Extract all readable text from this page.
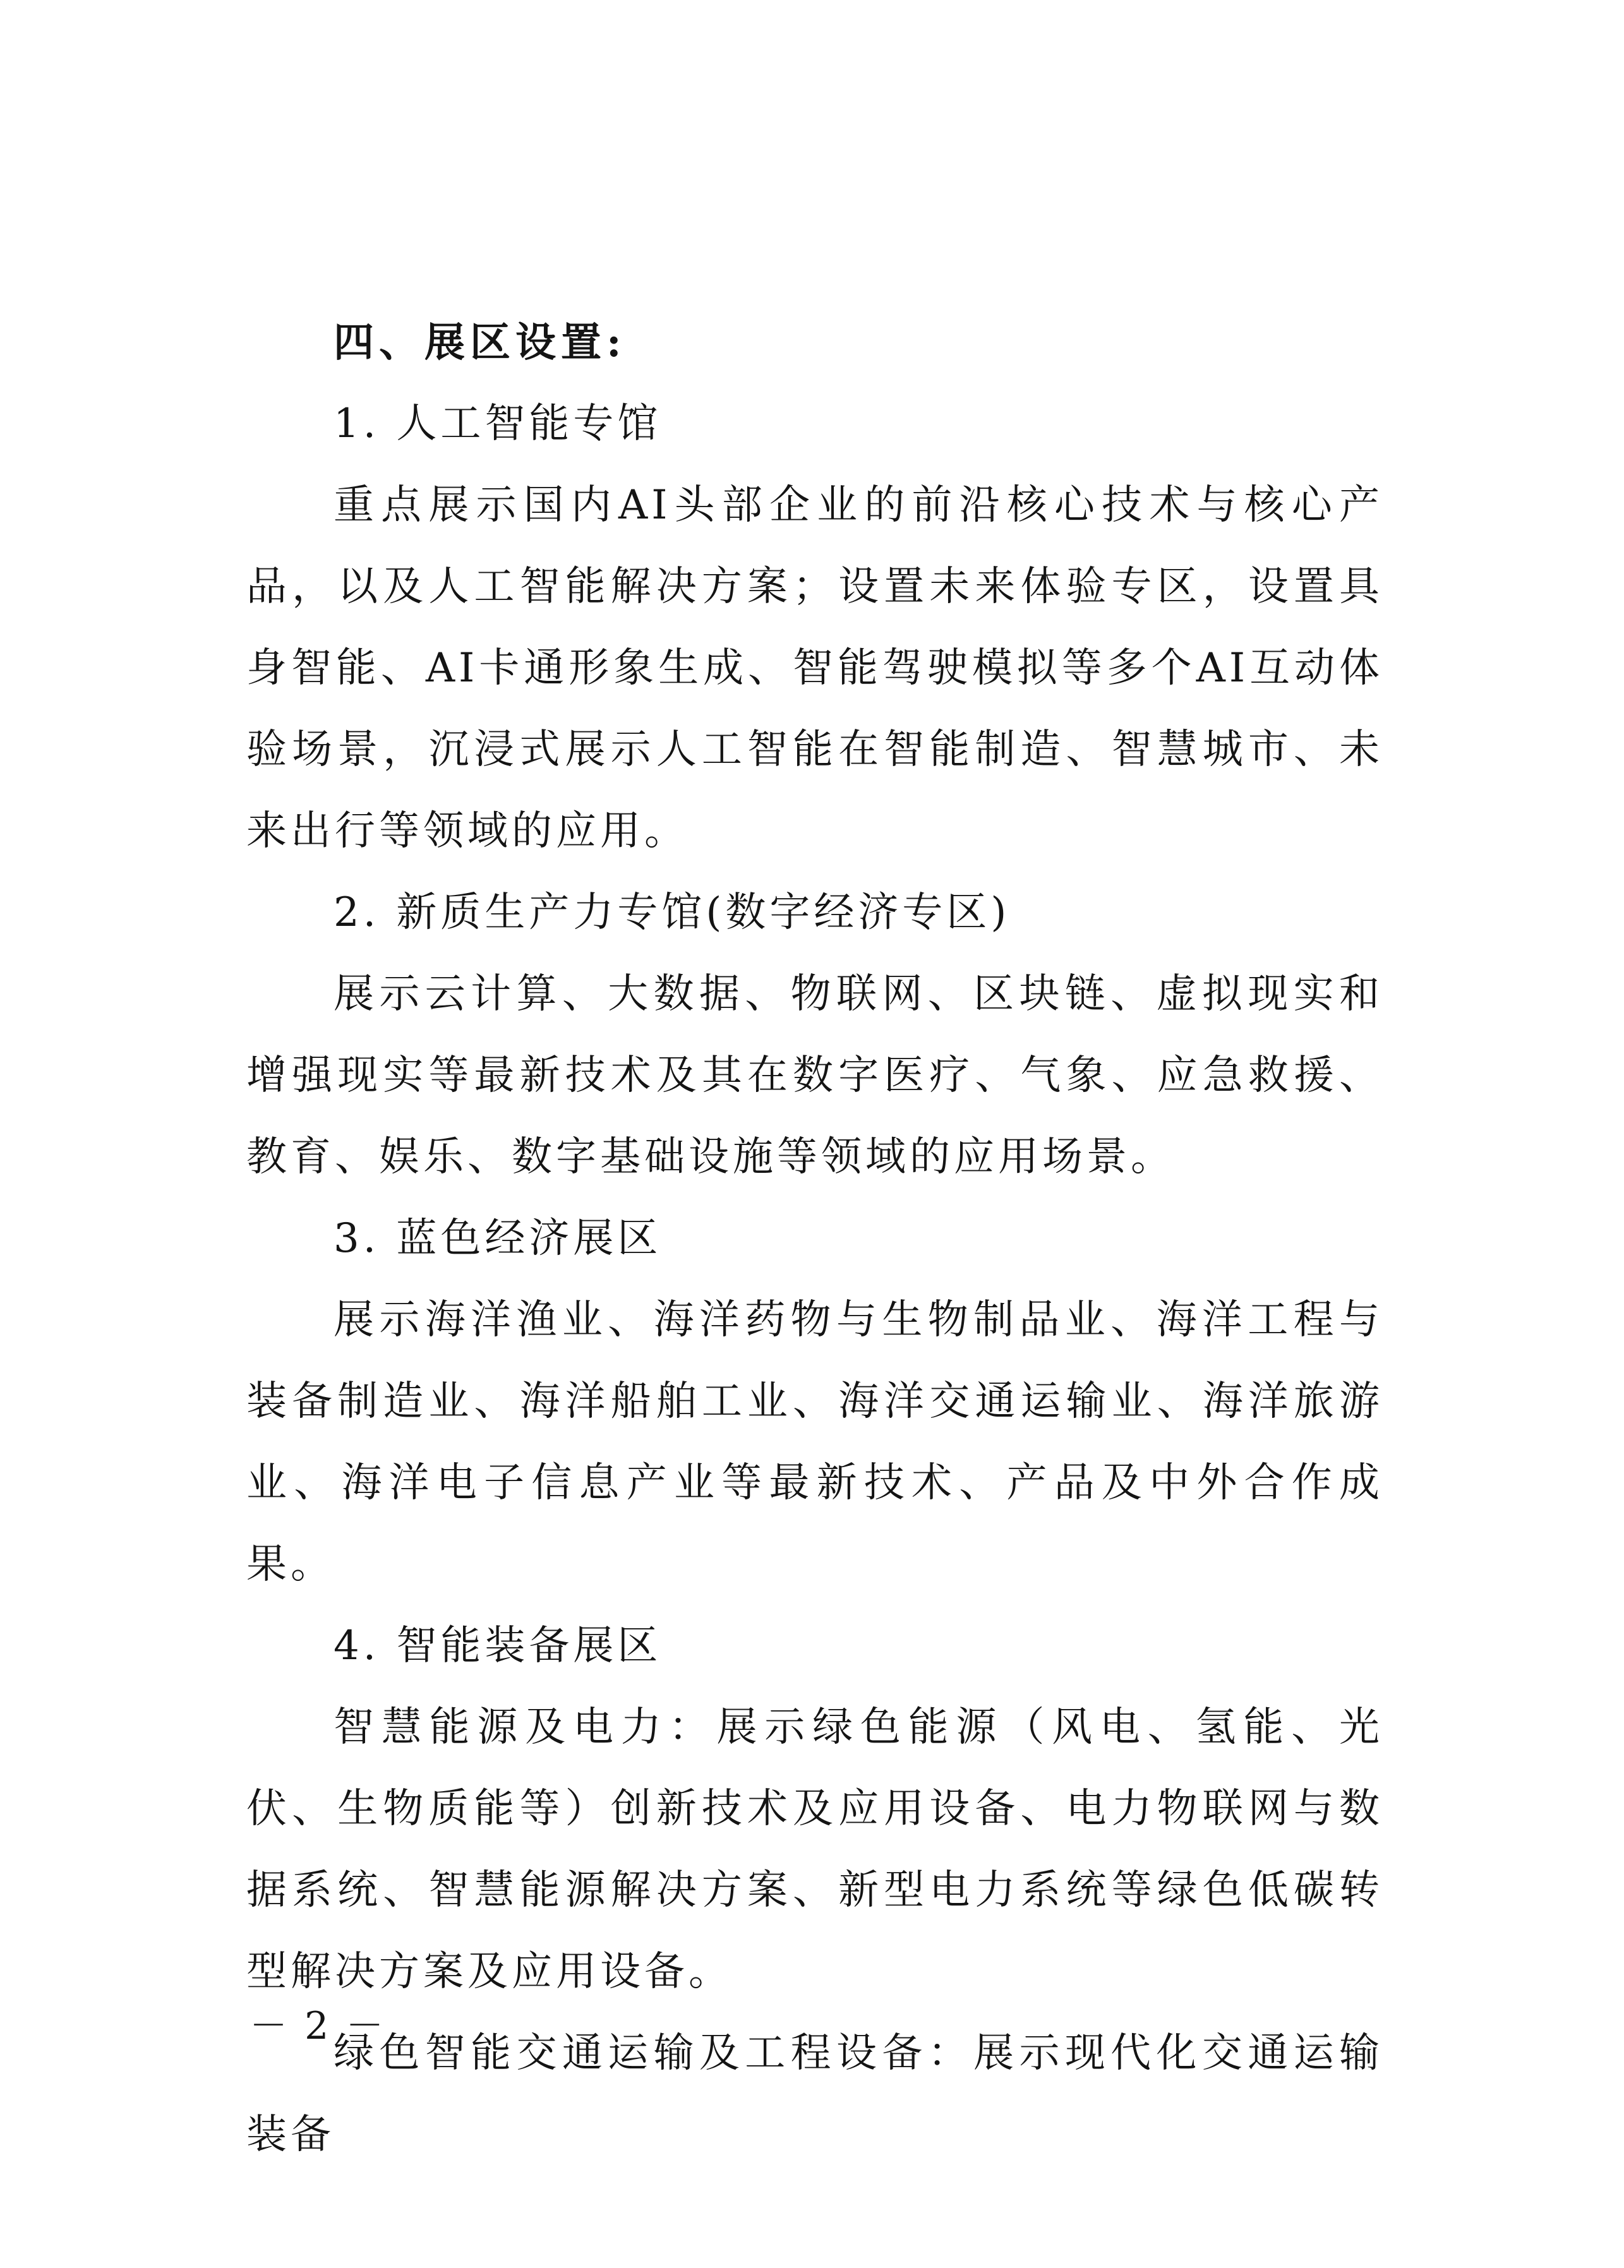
四、展区设置:

1. 人工智能专馆

重点展示国内AI头部企业的前沿核心技术与核心产品，以及人工智能解决方案；设置未来体验专区，设置具身智能、AI卡通形象生成、智能驾驶模拟等多个AI互动体验场景，沉浸式展示人工智能在智能制造、智慧城市、未来出行等领域的应用。

2. 新质生产力专馆(数字经济专区)

展示云计算、大数据、物联网、区块链、虚拟现实和增强现实等最新技术及其在数字医疗、气象、应急救援、教育、娱乐、数字基础设施等领域的应用场景。

3. 蓝色经济展区

展示海洋渔业、海洋药物与生物制品业、海洋工程与装备制造业、海洋船舶工业、海洋交通运输业、海洋旅游业、海洋电子信息产业等最新技术、产品及中外合作成果。

4. 智能装备展区

智慧能源及电力：展示绿色能源（风电、氢能、光伏、生物质能等）创新技术及应用设备、电力物联网与数据系统、智慧能源解决方案、新型电力系统等绿色低碳转型解决方案及应用设备。

绿色智能交通运输及工程设备：展示现代化交通运输装备

－ 2 －
